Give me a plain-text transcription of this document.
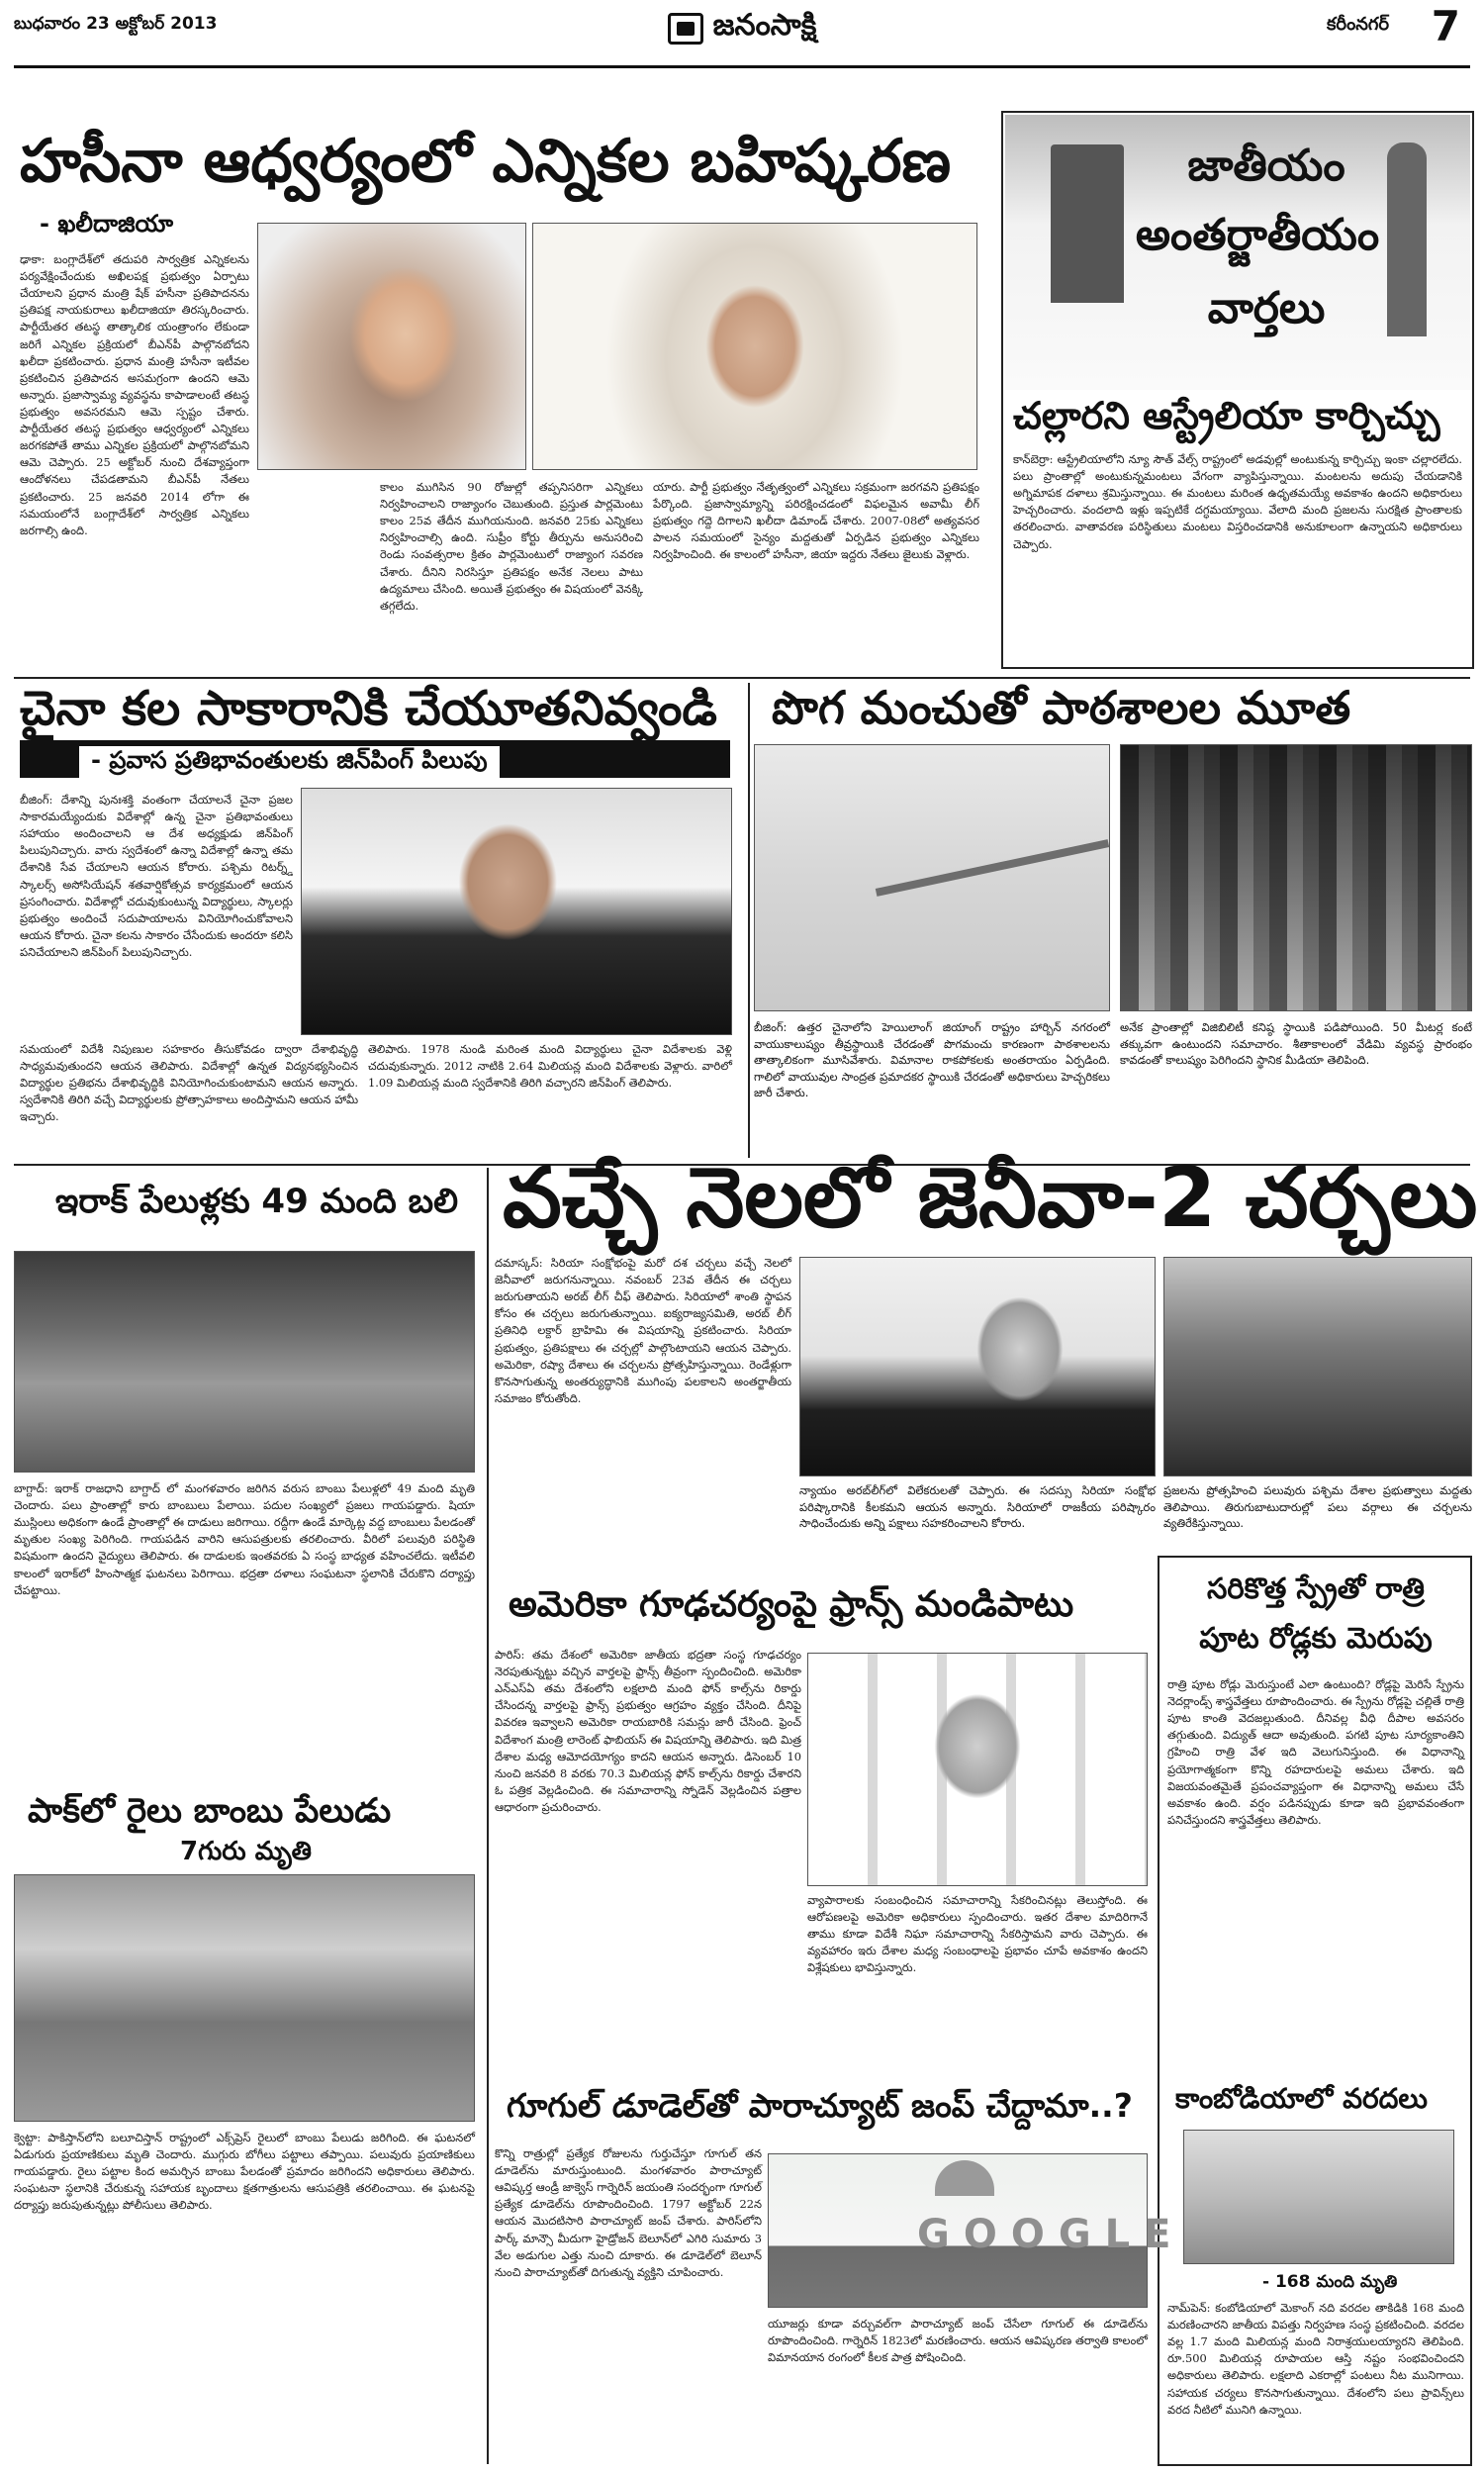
బుధవారం 23 అక్టోబర్ 2013	జనంసాక్షి	కరీంనగర్ 7
హసీనా ఆధ్వర్యంలో ఎన్నికల బహిష్కరణ
- ఖలీదాజియా
ఢాకా: బంగ్లాదేశ్‌లో తదుపరి సార్వత్రిక ఎన్నికలను పర్యవేక్షించేందుకు అఖిలపక్ష ప్రభుత్వం ఏర్పాటు చేయాలని ప్రధాన మంత్రి షేక్ హసీనా ప్రతిపాదనను ప్రతిపక్ష నాయకురాలు ఖలీదాజియా తిరస్కరించారు. పార్టీయేతర తటస్థ తాత్కాలిక యంత్రాంగం లేకుండా జరిగే ఎన్నికల ప్రక్రియలో బీఎన్‌పీ పాల్గొనబోదని ఖలీదా ప్రకటించారు. ప్రధాన మంత్రి హసీనా ఇటీవల ప్రకటించిన ప్రతిపాదన అసమగ్రంగా ఉందని ఆమె అన్నారు. ప్రజాస్వామ్య వ్యవస్థను కాపాడాలంటే తటస్థ ప్రభుత్వం అవసరమని ఆమె స్పష్టం చేశారు. పార్టీయేతర తటస్థ ప్రభుత్వం ఆధ్వర్యంలో ఎన్నికలు జరగకపోతే తాము ఎన్నికల ప్రక్రియలో పాల్గొనబోమని ఆమె చెప్పారు. 25 అక్టోబర్ నుంచి దేశవ్యాప్తంగా ఆందోళనలు చేపడతామని బీఎన్‌పీ నేతలు ప్రకటించారు. 25 జనవరి 2014 లోగా ఈ సమయంలోనే బంగ్లాదేశ్‌లో సార్వత్రిక ఎన్నికలు జరగాల్సి ఉంది.
కాలం ముగిసిన 90 రోజుల్లో తప్పనిసరిగా ఎన్నికలు నిర్వహించాలని రాజ్యాంగం చెబుతుంది. ప్రస్తుత పార్లమెంటు కాలం 25వ తేదీన ముగియనుంది. జనవరి 25కు ఎన్నికలు నిర్వహించాల్సి ఉంది. సుప్రీం కోర్టు తీర్పును అనుసరించి రెండు సంవత్సరాల క్రితం పార్లమెంటులో రాజ్యాంగ సవరణ చేశారు. దీనిని నిరసిస్తూ ప్రతిపక్షం అనేక నెలలు పాటు ఉద్యమాలు చేసింది. అయితే ప్రభుత్వం ఈ విషయంలో వెనక్కి తగ్గలేదు.
యారు. పార్టీ ప్రభుత్వం నేతృత్వంలో ఎన్నికలు సక్రమంగా జరగవని ప్రతిపక్షం పేర్కొంది. ప్రజాస్వామ్యాన్ని పరిరక్షించడంలో విఫలమైన అవామీ లీగ్ ప్రభుత్వం గద్దె దిగాలని ఖలీదా డిమాండ్ చేశారు. 2007-08లో అత్యవసర పాలన సమయంలో సైన్యం మద్దతుతో ఏర్పడిన ప్రభుత్వం ఎన్నికలు నిర్వహించింది. ఈ కాలంలో హసీనా, జియా ఇద్దరు నేతలు జైలుకు వెళ్లారు.
జాతీయం
అంతర్జాతీయం
వార్తలు
చల్లారని ఆస్ట్రేలియా కార్చిచ్చు
కాన్‌బెర్రా: ఆస్ట్రేలియాలోని న్యూ సౌత్ వేల్స్ రాష్ట్రంలో అడవుల్లో అంటుకున్న కార్చిచ్చు ఇంకా చల్లారలేదు. పలు ప్రాంతాల్లో అంటుకున్నమంటలు వేగంగా వ్యాపిస్తున్నాయి. మంటలను అదుపు చేయడానికి అగ్నిమాపక దళాలు శ్రమిస్తున్నాయి. ఈ మంటలు మరింత ఉధృతమయ్యే అవకాశం ఉందని అధికారులు హెచ్చరించారు. వందలాది ఇళ్లు ఇప్పటికే దగ్ధమయ్యాయి. వేలాది మంది ప్రజలను సురక్షిత ప్రాంతాలకు తరలించారు. వాతావరణ పరిస్థితులు మంటలు విస్తరించడానికి అనుకూలంగా ఉన్నాయని అధికారులు చెప్పారు.
చైనా కల సాకారానికి చేయూతనివ్వండి
- ప్రవాస ప్రతిభావంతులకు జిన్‌పింగ్ పిలుపు
బీజింగ్: దేశాన్ని పునఃశక్తి వంతంగా చేయాలనే చైనా ప్రజల సాకారమయ్యేందుకు విదేశాల్లో ఉన్న చైనా ప్రతిభావంతులు సహాయం అందించాలని ఆ దేశ అధ్యక్షుడు జిన్‌పింగ్ పిలుపునిచ్చారు. వారు స్వదేశంలో ఉన్నా విదేశాల్లో ఉన్నా తమ దేశానికి సేవ చేయాలని ఆయన కోరారు. పశ్చిమ రిటర్న్డ్ స్కాలర్స్ అసోసియేషన్ శతవార్షికోత్సవ కార్యక్రమంలో ఆయన ప్రసంగించారు. విదేశాల్లో చదువుకుంటున్న విద్యార్థులు, స్కాలర్లు ప్రభుత్వం అందించే సదుపాయాలను వినియోగించుకోవాలని ఆయన కోరారు. చైనా కలను సాకారం చేసేందుకు అందరూ కలిసి పనిచేయాలని జిన్‌పింగ్ పిలుపునిచ్చారు.
సమయంలో విదేశీ నిపుణుల సహకారం తీసుకోవడం ద్వారా దేశాభివృద్ధి సాధ్యమవుతుందని ఆయన తెలిపారు. విదేశాల్లో ఉన్నత విద్యనభ్యసించిన విద్యార్థుల ప్రతిభను దేశాభివృద్ధికి వినియోగించుకుంటామని ఆయన అన్నారు. స్వదేశానికి తిరిగి వచ్చే విద్యార్థులకు ప్రోత్సాహకాలు అందిస్తామని ఆయన హామీ ఇచ్చారు.
తెలిపారు. 1978 నుండి మరింత మంది విద్యార్థులు చైనా విదేశాలకు వెళ్లి చదువుకున్నారు. 2012 నాటికి 2.64 మిలియన్ల మంది విదేశాలకు వెళ్లారు. వారిలో 1.09 మిలియన్ల మంది స్వదేశానికి తిరిగి వచ్చారని జిన్‌పింగ్ తెలిపారు.
పొగ మంచుతో పాఠశాలల మూత
బీజింగ్: ఉత్తర చైనాలోని హెయిలాంగ్ జియాంగ్ రాష్ట్రం హార్బిన్ నగరంలో వాయుకాలుష్యం తీవ్రస్థాయికి చేరడంతో పొగమంచు కారణంగా పాఠశాలలను తాత్కాలికంగా మూసివేశారు. విమానాల రాకపోకలకు అంతరాయం ఏర్పడింది. గాలిలో వాయువుల సాంద్రత ప్రమాదకర స్థాయికి చేరడంతో అధికారులు హెచ్చరికలు జారీ చేశారు.
అనేక ప్రాంతాల్లో విజిబిలిటీ కనిష్ఠ స్థాయికి పడిపోయింది. 50 మీటర్ల కంటే తక్కువగా ఉంటుందని సమాచారం. శీతాకాలంలో వేడిమి వ్యవస్థ ప్రారంభం కావడంతో కాలుష్యం పెరిగిందని స్థానిక మీడియా తెలిపింది.
ఇరాక్ పేలుళ్లకు 49 మంది బలి
బాగ్దాద్: ఇరాక్ రాజధాని బాగ్దాద్ లో మంగళవారం జరిగిన వరుస బాంబు పేలుళ్లలో 49 మంది మృతి చెందారు. పలు ప్రాంతాల్లో కారు బాంబులు పేలాయి. పదుల సంఖ్యలో ప్రజలు గాయపడ్డారు. షియా ముస్లింలు అధికంగా ఉండే ప్రాంతాల్లో ఈ దాడులు జరిగాయి. రద్దీగా ఉండే మార్కెట్ల వద్ద బాంబులు పేలడంతో మృతుల సంఖ్య పెరిగింది. గాయపడిన వారిని ఆసుపత్రులకు తరలించారు. వీరిలో పలువురి పరిస్థితి విషమంగా ఉందని వైద్యులు తెలిపారు. ఈ దాడులకు ఇంతవరకు ఏ సంస్థ బాధ్యత వహించలేదు. ఇటీవలి కాలంలో ఇరాక్‌లో హింసాత్మక ఘటనలు పెరిగాయి. భద్రతా దళాలు సంఘటనా స్థలానికి చేరుకొని దర్యాప్తు చేపట్టాయి.
పాక్‌లో రైలు బాంబు పేలుడు
7గురు మృతి
క్వెట్టా: పాకిస్తాన్‌లోని బలూచిస్తాన్ రాష్ట్రంలో ఎక్స్‌ప్రెస్ రైలులో బాంబు పేలుడు జరిగింది. ఈ ఘటనలో ఏడుగురు ప్రయాణికులు మృతి చెందారు. ముగ్గురు బోగీలు పట్టాలు తప్పాయి. పలువురు ప్రయాణికులు గాయపడ్డారు. రైలు పట్టాల కింద అమర్చిన బాంబు పేలడంతో ప్రమాదం జరిగిందని అధికారులు తెలిపారు. సంఘటనా స్థలానికి చేరుకున్న సహాయక బృందాలు క్షతగాత్రులను ఆసుపత్రికి తరలించాయి. ఈ ఘటనపై దర్యాప్తు జరుపుతున్నట్లు పోలీసులు తెలిపారు.
వచ్చే నెలలో జెనీవా-2 చర్చలు
దమాస్కస్: సిరియా సంక్షోభంపై మరో దశ చర్చలు వచ్చే నెలలో జెనీవాలో జరుగనున్నాయి. నవంబర్ 23వ తేదీన ఈ చర్చలు జరుగుతాయని అరబ్ లీగ్ చీఫ్ తెలిపారు. సిరియాలో శాంతి స్థాపన కోసం ఈ చర్చలు జరుగుతున్నాయి. ఐక్యరాజ్యసమితి, అరబ్ లీగ్ ప్రతినిధి లక్దార్ బ్రాహిమి ఈ విషయాన్ని ప్రకటించారు. సిరియా ప్రభుత్వం, ప్రతిపక్షాలు ఈ చర్చల్లో పాల్గొంటాయని ఆయన చెప్పారు. అమెరికా, రష్యా దేశాలు ఈ చర్చలను ప్రోత్సహిస్తున్నాయి. రెండేళ్లుగా కొనసాగుతున్న అంతర్యుద్ధానికి ముగింపు పలకాలని అంతర్జాతీయ సమాజం కోరుతోంది.
న్యాయం అరబ్‌లీగ్‌లో విలేకరులతో చెప్పారు. ఈ సదస్సు సిరియా సంక్షోభ పరిష్కారానికి కీలకమని ఆయన అన్నారు. సిరియాలో రాజకీయ పరిష్కారం సాధించేందుకు అన్ని పక్షాలు సహకరించాలని కోరారు.
ప్రజలను ప్రోత్సహించి పలువురు పశ్చిమ దేశాల ప్రభుత్వాలు మద్దతు తెలిపాయి. తిరుగుబాటుదారుల్లో పలు వర్గాలు ఈ చర్చలను వ్యతిరేకిస్తున్నాయి.
అమెరికా గూఢచర్యంపై ఫ్రాన్స్ మండిపాటు
పారిస్: తమ దేశంలో అమెరికా జాతీయ భద్రతా సంస్థ గూఢచర్యం నెరపుతున్నట్టు వచ్చిన వార్తలపై ఫ్రాన్స్ తీవ్రంగా స్పందించింది. అమెరికా ఎన్‌ఎస్‌ఏ తమ దేశంలోని లక్షలాది మంది ఫోన్ కాల్స్‌ను రికార్డు చేసిందన్న వార్తలపై ఫ్రాన్స్ ప్రభుత్వం ఆగ్రహం వ్యక్తం చేసింది. దీనిపై వివరణ ఇవ్వాలని అమెరికా రాయబారికి సమన్లు జారీ చేసింది. ఫ్రెంచ్ విదేశాంగ మంత్రి లారెంట్ ఫాబియస్ ఈ విషయాన్ని తెలిపారు. ఇది మిత్ర దేశాల మధ్య ఆమోదయోగ్యం కాదని ఆయన అన్నారు. డిసెంబర్ 10 నుంచి జనవరి 8 వరకు 70.3 మిలియన్ల ఫోన్ కాల్స్‌ను రికార్డు చేశారని ఓ పత్రిక వెల్లడించింది. ఈ సమాచారాన్ని స్నోడెన్ వెల్లడించిన పత్రాల ఆధారంగా ప్రచురించారు.
వ్యాపారాలకు సంబంధించిన సమాచారాన్ని సేకరించినట్లు తెలుస్తోంది. ఈ ఆరోపణలపై అమెరికా అధికారులు స్పందించారు. ఇతర దేశాల మాదిరిగానే తాము కూడా విదేశీ నిఘా సమాచారాన్ని సేకరిస్తామని వారు చెప్పారు. ఈ వ్యవహారం ఇరు దేశాల మధ్య సంబంధాలపై ప్రభావం చూపే అవకాశం ఉందని విశ్లేషకులు భావిస్తున్నారు.
సరికొత్త స్ప్రేతో రాత్రి
పూట రోడ్లకు మెరుపు
రాత్రి పూట రోడ్లు మెరుస్తుంటే ఎలా ఉంటుంది? రోడ్లపై మెరిసే స్ప్రేను నెదర్లాండ్స్ శాస్త్రవేత్తలు రూపొందించారు. ఈ స్ప్రేను రోడ్లపై చల్లితే రాత్రి పూట కాంతి వెదజల్లుతుంది. దీనివల్ల వీధి దీపాల అవసరం తగ్గుతుంది. విద్యుత్ ఆదా అవుతుంది. పగటి పూట సూర్యకాంతిని గ్రహించి రాత్రి వేళ ఇది వెలుగునిస్తుంది. ఈ విధానాన్ని ప్రయోగాత్మకంగా కొన్ని రహదారులపై అమలు చేశారు. ఇది విజయవంతమైతే ప్రపంచవ్యాప్తంగా ఈ విధానాన్ని అమలు చేసే అవకాశం ఉంది. వర్షం పడినప్పుడు కూడా ఇది ప్రభావవంతంగా పనిచేస్తుందని శాస్త్రవేత్తలు తెలిపారు.
కాంబోడియాలో వరదలు
- 168 మంది మృతి
నామ్‌పెన్: కంబోడియాలో మెకాంగ్ నది వరదల తాకిడికి 168 మంది మరణించారని జాతీయ విపత్తు నిర్వహణ సంస్థ ప్రకటించింది. వరదల వల్ల 1.7 మంది మిలియన్ల మంది నిరాశ్రయులయ్యారని తెలిపింది. రూ.500 మిలియన్ల రూపాయల ఆస్తి నష్టం సంభవించిందని అధికారులు తెలిపారు. లక్షలాది ఎకరాల్లో పంటలు నీట మునిగాయి. సహాయక చర్యలు కొనసాగుతున్నాయి. దేశంలోని పలు ప్రావిన్స్‌లు వరద నీటిలో మునిగి ఉన్నాయి.
గూగుల్ డూడెల్‌తో పారాచ్యూట్ జంప్ చేద్దామా..?
కొన్ని రాత్రుల్లో ప్రత్యేక రోజులను గుర్తుచేస్తూ గూగుల్ తన డూడెల్‌ను మారుస్తుంటుంది. మంగళవారం పారాచ్యూట్ ఆవిష్కర్త ఆండ్రీ జాక్వెస్ గార్నెరిన్ జయంతి సందర్భంగా గూగుల్ ప్రత్యేక డూడెల్‌ను రూపొందించింది. 1797 అక్టోబర్ 22న ఆయన మొదటిసారి పారాచ్యూట్ జంప్ చేశారు. పారిస్‌లోని పార్క్ మాన్సౌ మీదుగా హైడ్రోజన్ బెలూన్‌లో ఎగిరి సుమారు 3 వేల అడుగుల ఎత్తు నుంచి దూకారు. ఈ డూడెల్‌లో బెలూన్ నుంచి పారాచ్యూట్‌తో దిగుతున్న వ్యక్తిని చూపించారు.
GOOGLE
యూజర్లు కూడా వర్చువల్‌గా పారాచ్యూట్ జంప్ చేసేలా గూగుల్ ఈ డూడెల్‌ను రూపొందించింది. గార్నెరిన్ 1823లో మరణించారు. ఆయన ఆవిష్కరణ తర్వాతి కాలంలో విమానయాన రంగంలో కీలక పాత్ర పోషించింది.
